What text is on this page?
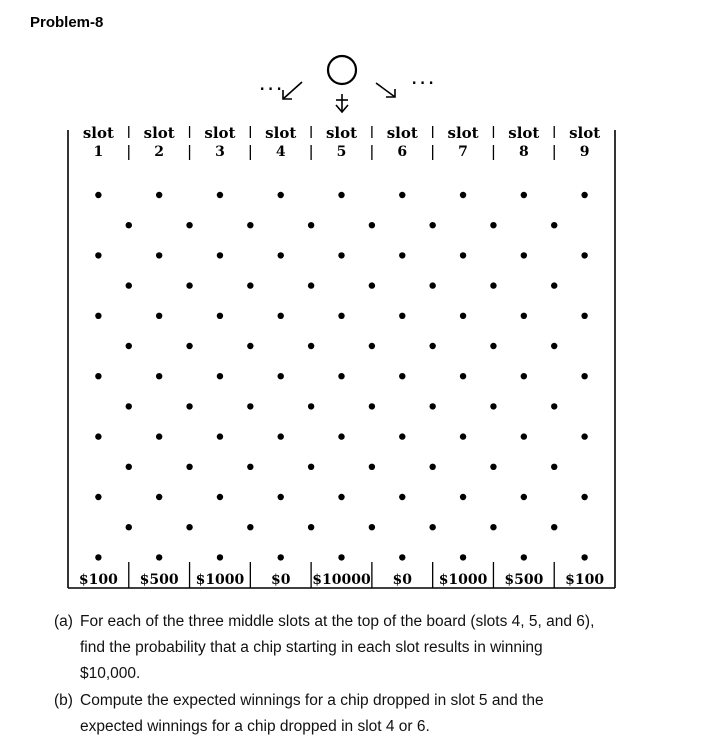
Problem-8
...	...
slot
1
slot
2
slot
3
slot
4
slot
5
slot
6
slot
7
slot
8
slot
9
$100 $500 $1000 $0 $10000 $0 $1000 $500 $100
(a) For each of the three middle slots at the top of the board (slots 4, 5, and 6),
find the probability that a chip starting in each slot results in winning
$10,000.
(b) Compute the expected winnings for a chip dropped in slot 5 and the
expected winnings for a chip dropped in slot 4 or 6.
